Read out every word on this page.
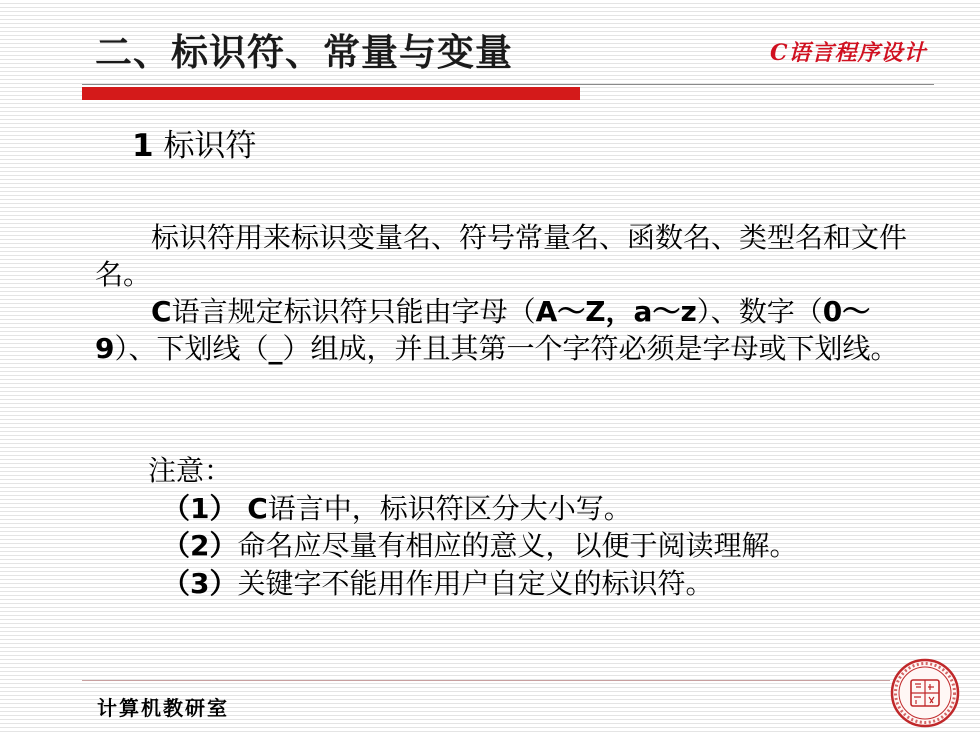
二、标识符、常量与变量	C语言程序设计
1 标识符

标识符用来标识变量名、符号常量名、函数名、类型名和文件名。

C语言规定标识符只能由字母（A～Z，a～z）、数字（0～9）、下划线（_）组成，并且其第一个字符必须是字母或下划线。

注意：
（1） C语言中，标识符区分大小写。
（2）命名应尽量有相应的意义，以便于阅读理解。
（3）关键字不能用作用户自定义的标识符。
计算机教研室
